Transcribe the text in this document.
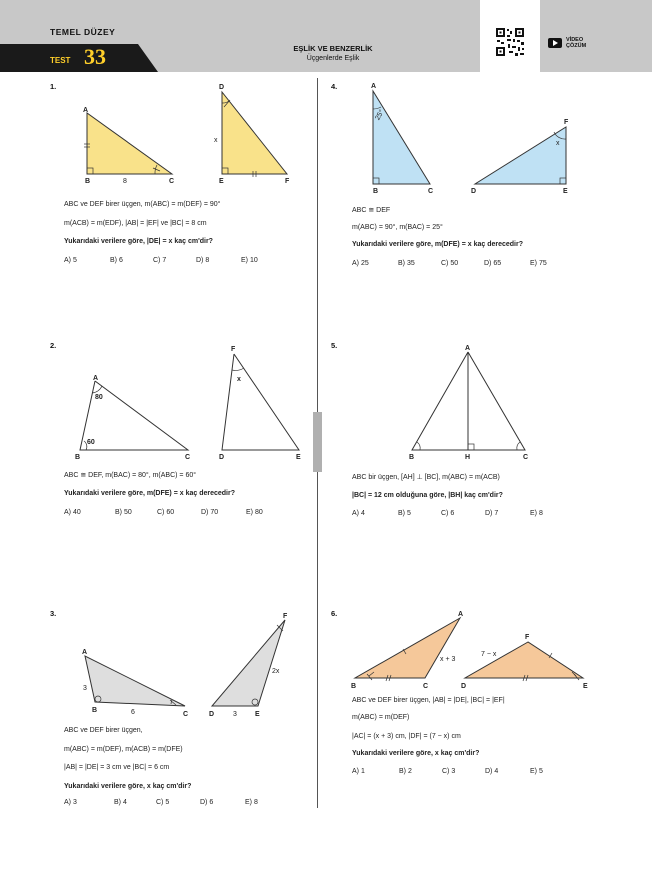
TEMEL DÜZEY
TEST 33	EŞLİK VE BENZERLİK
Üçgenlerde Eşlik
VİDEO
ÇÖZÜM
1.
A
B	C
8
D
E	F
x
ABC ve DEF birer üçgen, m(ABC) = m(DEF) = 90°
m(ACB) = m(EDF), |AB| = |EF| ve |BC| = 8 cm
Yukarıdaki verilere göre, |DE| = x kaç cm'dir?
A) 5	B) 6	C) 7	D) 8	E) 10
2.
A
B	C
80
60
F
D	E
x
ABC ≅ DEF, m(BAC) = 80°, m(ABC) = 60°
Yukarıdaki verilere göre, m(DFE) = x kaç derecedir?
A) 40	B) 50	C) 60	D) 70	E) 80
3.
A
B
C
3
6
F
D	E
3
2x
ABC ve DEF birer üçgen,
m(ABC) = m(DEF), m(ACB) = m(DFE)
|AB| = |DE| = 3 cm ve |BC| = 6 cm
Yukarıdaki verilere göre, x kaç cm'dir?
A) 3	B) 4	C) 5	D) 6	E) 8
4.	A
B	C
25°
F
D	E
x
ABC ≅ DEF
m(ABC) = 90°, m(BAC) = 25°
Yukarıdaki verilere göre, m(DFE) = x kaç derecedir?
A) 25	B) 35	C) 50	D) 65	E) 75
5.	A
B	C
H
ABC bir üçgen, [AH] ⊥ [BC], m(ABC) = m(ACB)
|BC| = 12 cm olduğuna göre, |BH| kaç cm'dir?
A) 4	B) 5	C) 6	D) 7	E) 8
6.	A
B	C
x + 3
F
D	E
7 − x
ABC ve DEF birer üçgen, |AB| = |DE|, |BC| = |EF|
m(ABC) = m(DEF)
|AC| = (x + 3) cm, |DF| = (7 − x) cm
Yukarıdaki verilere göre, x kaç cm'dir?
A) 1	B) 2	C) 3	D) 4	E) 5
